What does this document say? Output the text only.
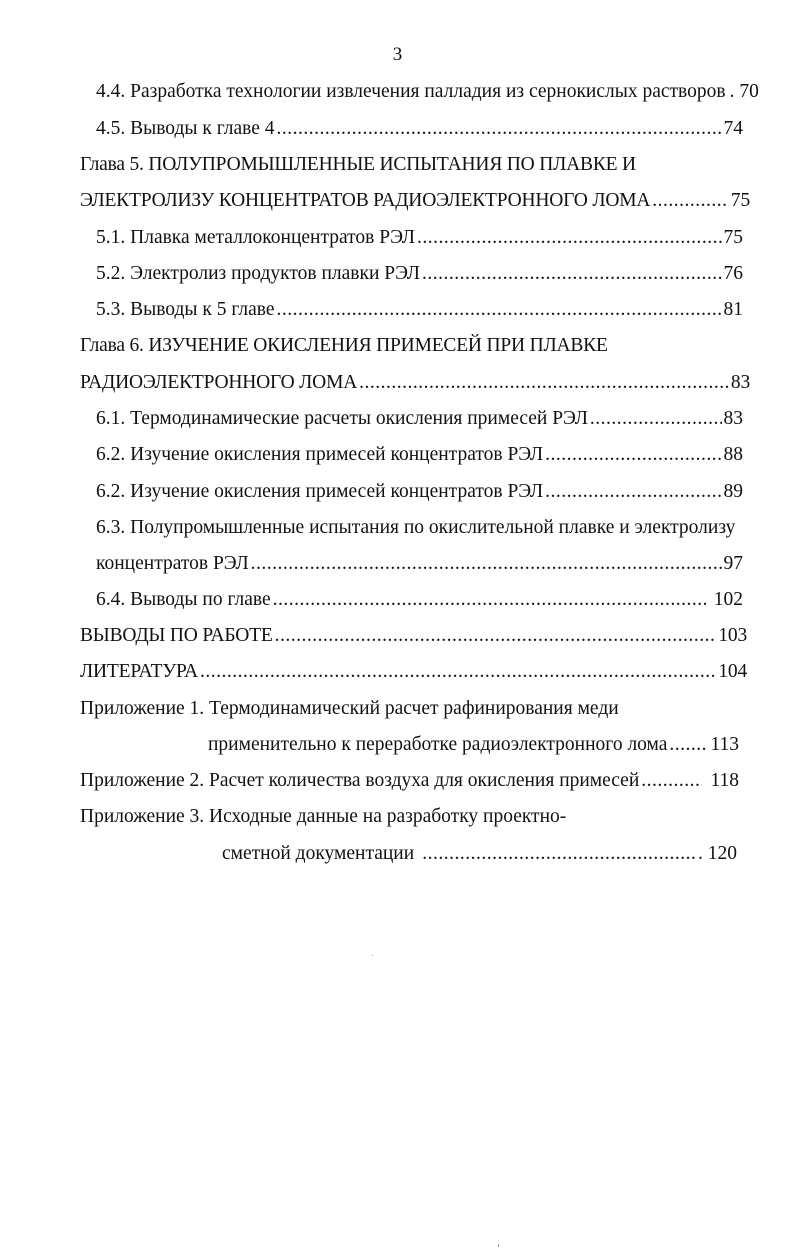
3
4.4. Разработка технологии извлечения палладия из сернокислых растворов . 70
4.5. Выводы к главе 4 .....	74
Глава 5. ПОЛУПРОМЫШЛЕННЫЕ ИСПЫТАНИЯ ПО ПЛАВКЕ И
ЭЛЕКТРОЛИЗУ КОНЦЕНТРАТОВ РАДИОЭЛЕКТРОННОГО ЛОМА .....	75
5.1. Плавка металлоконцентратов РЭЛ .....	75
5.2. Электролиз продуктов плавки РЭЛ .....	76
5.3. Выводы к 5 главе .....	81
Глава 6. ИЗУЧЕНИЕ ОКИСЛЕНИЯ ПРИМЕСЕЙ ПРИ ПЛАВКЕ
РАДИОЭЛЕКТРОННОГО ЛОМА .....	83
6.1. Термодинамические расчеты окисления примесей РЭЛ .....	83
6.2. Изучение окисления примесей концентратов РЭЛ .....	88
6.2. Изучение окисления примесей концентратов РЭЛ .....	89
6.3. Полупромышленные испытания по окислительной плавке и электролизу
концентратов РЭЛ .....	97
6.4. Выводы по главе .....	102
ВЫВОДЫ ПО РАБОТЕ .....	103
ЛИТЕРАТУРА .....	104
Приложение 1. Термодинамический расчет рафинирования меди
применительно к переработке радиоэлектронного лома ..... 113
Приложение 2. Расчет количества воздуха для окисления примесей .....	118
Приложение 3. Исходные данные на разработку проектно-
сметной документации .....	. 120
